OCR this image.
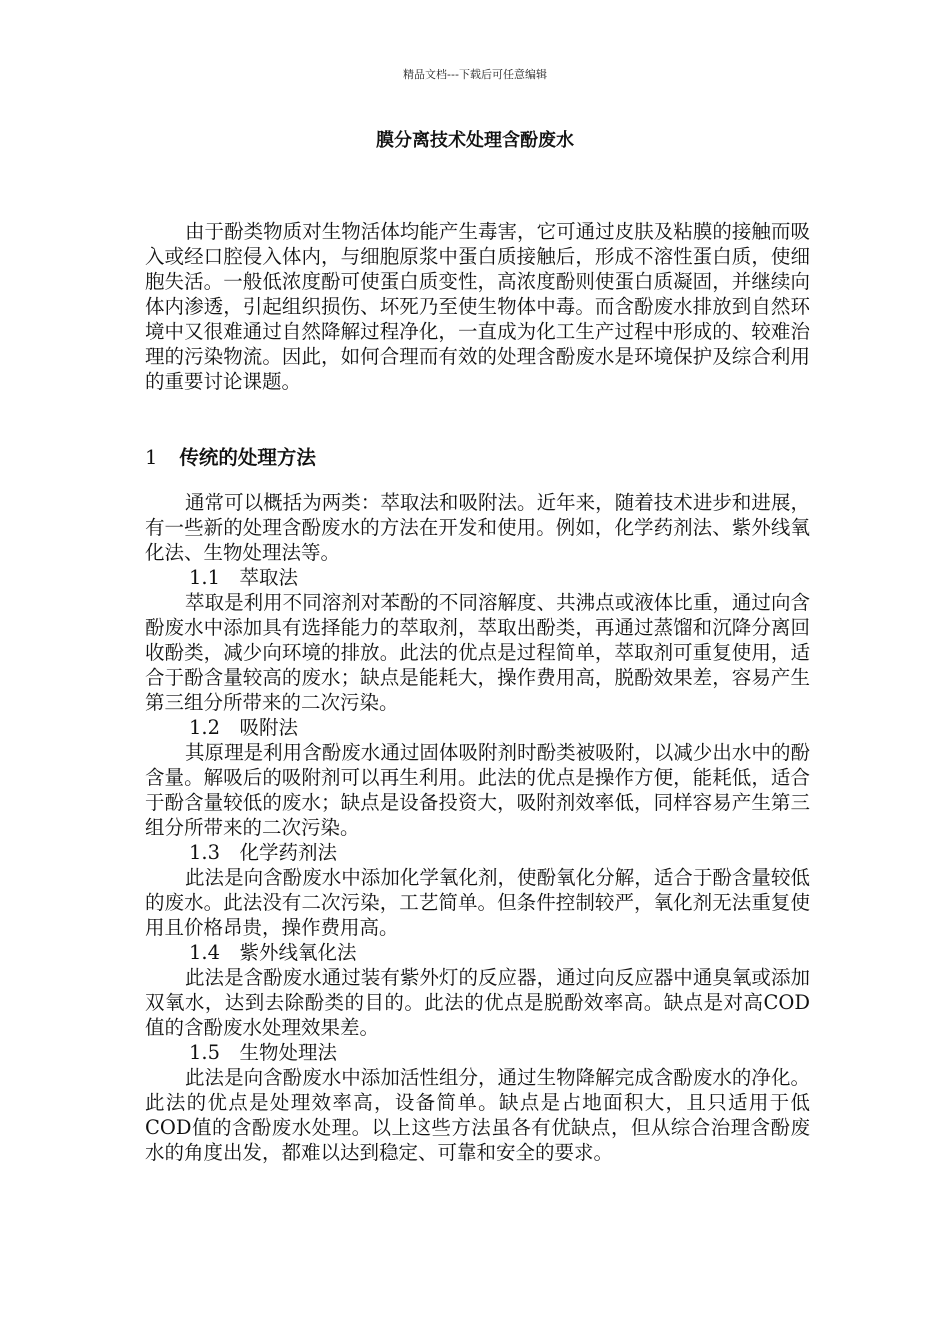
精品文档---下载后可任意编辑
膜分离技术处理含酚废水

由于酚类物质对生物活体均能产生毒害，它可通过皮肤及粘膜的接触而吸入或经口腔侵入体内，与细胞原浆中蛋白质接触后，形成不溶性蛋白质，使细胞失活。一般低浓度酚可使蛋白质变性，高浓度酚则使蛋白质凝固，并继续向体内渗透，引起组织损伤、坏死乃至使生物体中毒。而含酚废水排放到自然环境中又很难通过自然降解过程净化，一直成为化工生产过程中形成的、较难治理的污染物流。因此，如何合理而有效的处理含酚废水是环境保护及综合利用的重要讨论课题。

1 传统的处理方法

通常可以概括为两类：萃取法和吸附法。近年来，随着技术进步和进展，有一些新的处理含酚废水的方法在开发和使用。例如，化学药剂法、紫外线氧化法、生物处理法等。

1.1　萃取法

萃取是利用不同溶剂对苯酚的不同溶解度、共沸点或液体比重，通过向含酚废水中添加具有选择能力的萃取剂，萃取出酚类，再通过蒸馏和沉降分离回收酚类，减少向环境的排放。此法的优点是过程简单，萃取剂可重复使用，适合于酚含量较高的废水；缺点是能耗大，操作费用高，脱酚效果差，容易产生第三组分所带来的二次污染。

1.2　吸附法

其原理是利用含酚废水通过固体吸附剂时酚类被吸附，以减少出水中的酚含量。解吸后的吸附剂可以再生利用。此法的优点是操作方便，能耗低，适合于酚含量较低的废水；缺点是设备投资大，吸附剂效率低，同样容易产生第三组分所带来的二次污染。

1.3　化学药剂法

此法是向含酚废水中添加化学氧化剂，使酚氧化分解，适合于酚含量较低的废水。此法没有二次污染，工艺简单。但条件控制较严，氧化剂无法重复使用且价格昂贵，操作费用高。

1.4　紫外线氧化法

此法是含酚废水通过装有紫外灯的反应器，通过向反应器中通臭氧或添加双氧水，达到去除酚类的目的。此法的优点是脱酚效率高。缺点是对高COD值的含酚废水处理效果差。

1.5　生物处理法

此法是向含酚废水中添加活性组分，通过生物降解完成含酚废水的净化。此法的优点是处理效率高，设备简单。缺点是占地面积大，且只适用于低COD值的含酚废水处理。以上这些方法虽各有优缺点，但从综合治理含酚废水的角度出发，都难以达到稳定、可靠和安全的要求。
